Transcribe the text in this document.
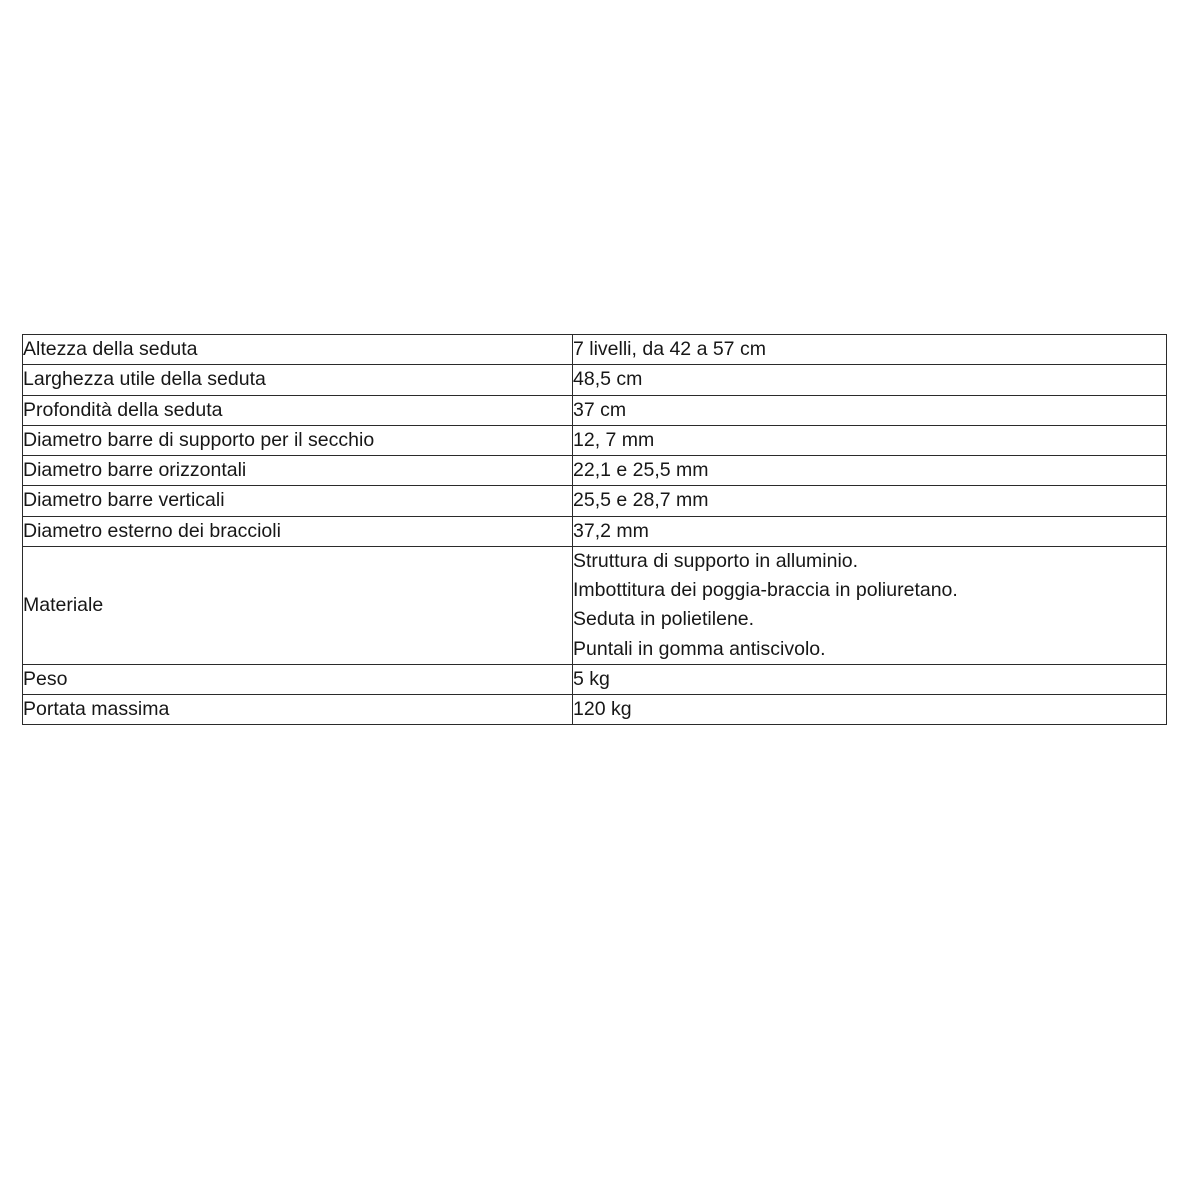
Altezza della seduta	7 livelli, da 42 a 57 cm

Larghezza utile della seduta	48,5 cm

Profondità della seduta	37 cm

Diametro barre di supporto per il secchio	12, 7 mm

Diametro barre orizzontali	22,1 e 25,5 mm

Diametro barre verticali	25,5 e 28,7 mm

Diametro esterno dei braccioli	37,2 mm

Materiale	Struttura di supporto in alluminio.
Imbottitura dei poggia-braccia in poliuretano.
Seduta in polietilene.
Puntali in gomma antiscivolo.

Peso	5 kg

Portata massima	120 kg
